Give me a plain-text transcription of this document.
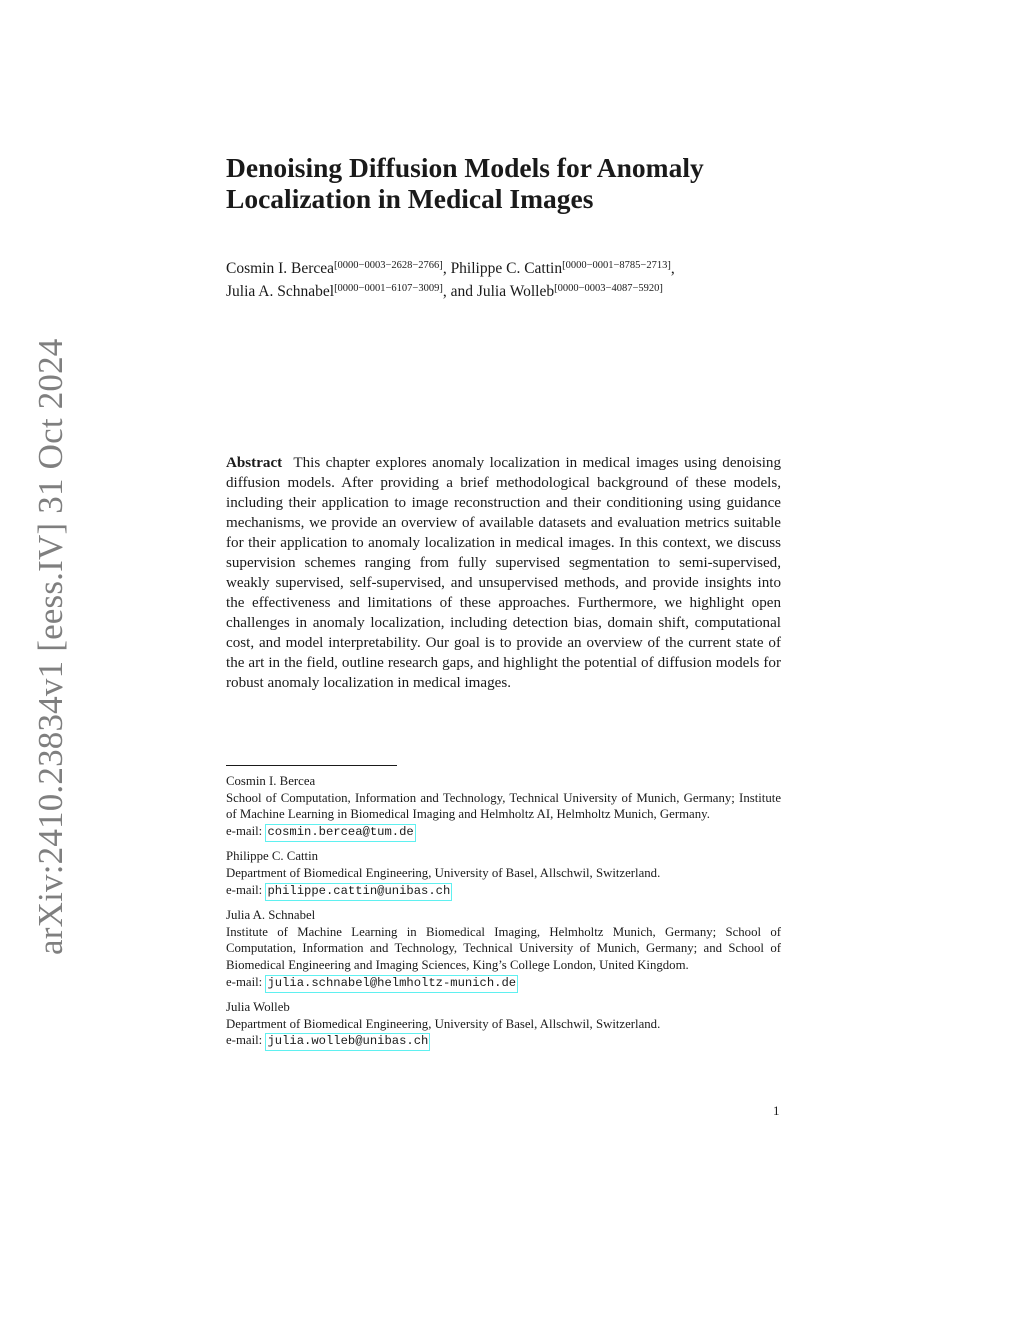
arXiv:2410.23834v1 [eess.IV] 31 Oct 2024
Denoising Diffusion Models for Anomaly
Localization in Medical Images
Cosmin I. Bercea[0000−0003−2628−2766], Philippe C. Cattin[0000−0001−8785−2713],
Julia A. Schnabel[0000−0001−6107−3009], and Julia Wolleb[0000−0003−4087−5920]

Abstract This chapter explores anomaly localization in medical images using denoising diffusion models. After providing a brief methodological background of these models, including their application to image reconstruction and their conditioning using guidance mechanisms, we provide an overview of available datasets and evaluation metrics suitable for their application to anomaly localization in medical images. In this context, we discuss supervision schemes ranging from fully supervised segmentation to semi-supervised, weakly supervised, self-supervised, and unsupervised methods, and provide insights into the effectiveness and limitations of these approaches. Furthermore, we highlight open challenges in anomaly localization, including detection bias, domain shift, computational cost, and model interpretability. Our goal is to provide an overview of the current state of the art in the field, outline research gaps, and highlight the potential of diffusion models for robust anomaly localization in medical images.

Cosmin I. Bercea
School of Computation, Information and Technology, Technical University of Munich, Germany; Institute of Machine Learning in Biomedical Imaging and Helmholtz AI, Helmholtz Munich, Germany.
e-mail: cosmin.bercea@tum.de
Philippe C. Cattin
Department of Biomedical Engineering, University of Basel, Allschwil, Switzerland.
e-mail: philippe.cattin@unibas.ch
Julia A. Schnabel
Institute of Machine Learning in Biomedical Imaging, Helmholtz Munich, Germany; School of Computation, Information and Technology, Technical University of Munich, Germany; and School of Biomedical Engineering and Imaging Sciences, King’s College London, United Kingdom.
e-mail: julia.schnabel@helmholtz-munich.de
Julia Wolleb
Department of Biomedical Engineering, University of Basel, Allschwil, Switzerland.
e-mail: julia.wolleb@unibas.ch
1
